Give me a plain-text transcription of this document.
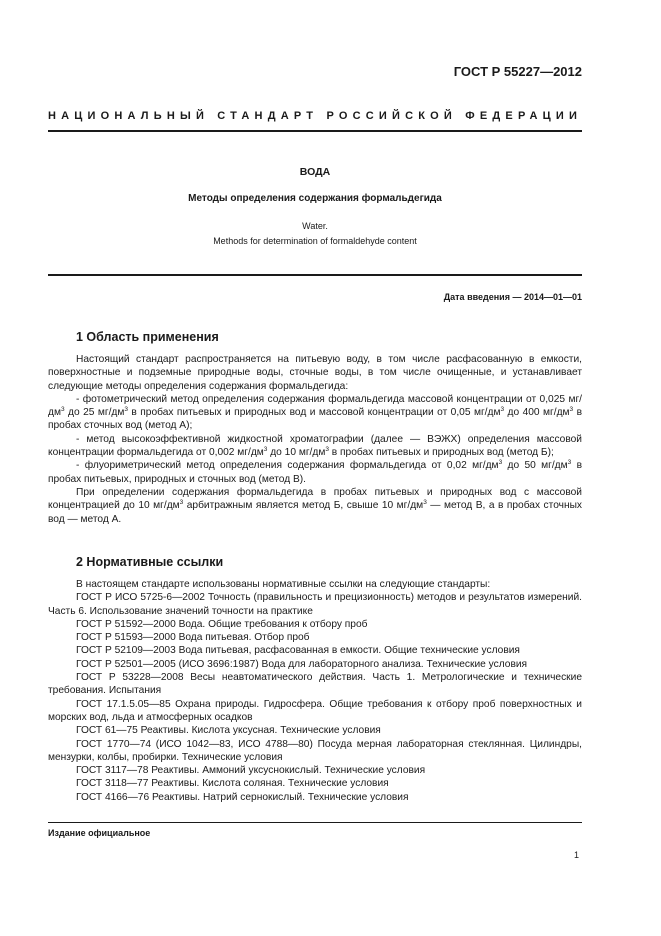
ГОСТ Р 55227—2012
НАЦИОНАЛЬНЫЙ СТАНДАРТ РОССИЙСКОЙ ФЕДЕРАЦИИ
ВОДА
Методы определения содержания формальдегида
Water.
Methods for determination of formaldehyde content
Дата введения — 2014—01—01
1 Область применения

Настоящий стандарт распространяется на питьевую воду, в том числе расфасованную в емкости, поверхностные и подземные природные воды, сточные воды, в том числе очищенные, и устанавливает следующие методы определения содержания формальдегида:

- фотометрический метод определения содержания формальдегида массовой концентрации от 0,025 $мг/дм^3$ до 25 $мг/дм^3$ в пробах питьевых и природных вод и массовой концентрации от 0,05 $мг/дм^3$ до 400 $мг/дм^3$ в пробах сточных вод (метод А);

- метод высокоэффективной жидкостной хроматографии (далее — ВЭЖХ) определения массовой концентрации формальдегида от 0,002 $мг/дм^3$ до 10 $мг/дм^3$ в пробах питьевых и природных вод (метод Б);

- флуориметрический метод определения содержания формальдегида от 0,02 $мг/дм^3$ до 50 $мг/дм^3$ в пробах питьевых, природных и сточных вод (метод В).

При определении содержания формальдегида в пробах питьевых и природных вод с массовой концентрацией до 10 $мг/дм^3$ арбитражным является метод Б, свыше 10 $мг/дм^3$ — метод В, а в пробах сточных вод — метод А.

2 Нормативные ссылки

В настоящем стандарте использованы нормативные ссылки на следующие стандарты:

ГОСТ Р ИСО 5725-6—2002 Точность (правильность и прецизионность) методов и результатов измерений. Часть 6. Использование значений точности на практике

ГОСТ Р 51592—2000 Вода. Общие требования к отбору проб

ГОСТ Р 51593—2000 Вода питьевая. Отбор проб

ГОСТ Р 52109—2003 Вода питьевая, расфасованная в емкости. Общие технические условия

ГОСТ Р 52501—2005 (ИСО 3696:1987) Вода для лабораторного анализа. Технические условия

ГОСТ Р 53228—2008 Весы неавтоматического действия. Часть 1. Метрологические и технические требования. Испытания

ГОСТ 17.1.5.05—85 Охрана природы. Гидросфера. Общие требования к отбору проб поверхностных и морских вод, льда и атмосферных осадков

ГОСТ 61—75 Реактивы. Кислота уксусная. Технические условия

ГОСТ 1770—74 (ИСО 1042—83, ИСО 4788—80) Посуда мерная лабораторная стеклянная. Цилиндры, мензурки, колбы, пробирки. Технические условия

ГОСТ 3117—78 Реактивы. Аммоний уксуснокислый. Технические условия

ГОСТ 3118—77 Реактивы. Кислота соляная. Технические условия

ГОСТ 4166—76 Реактивы. Натрий сернокислый. Технические условия

Издание официальное
1
